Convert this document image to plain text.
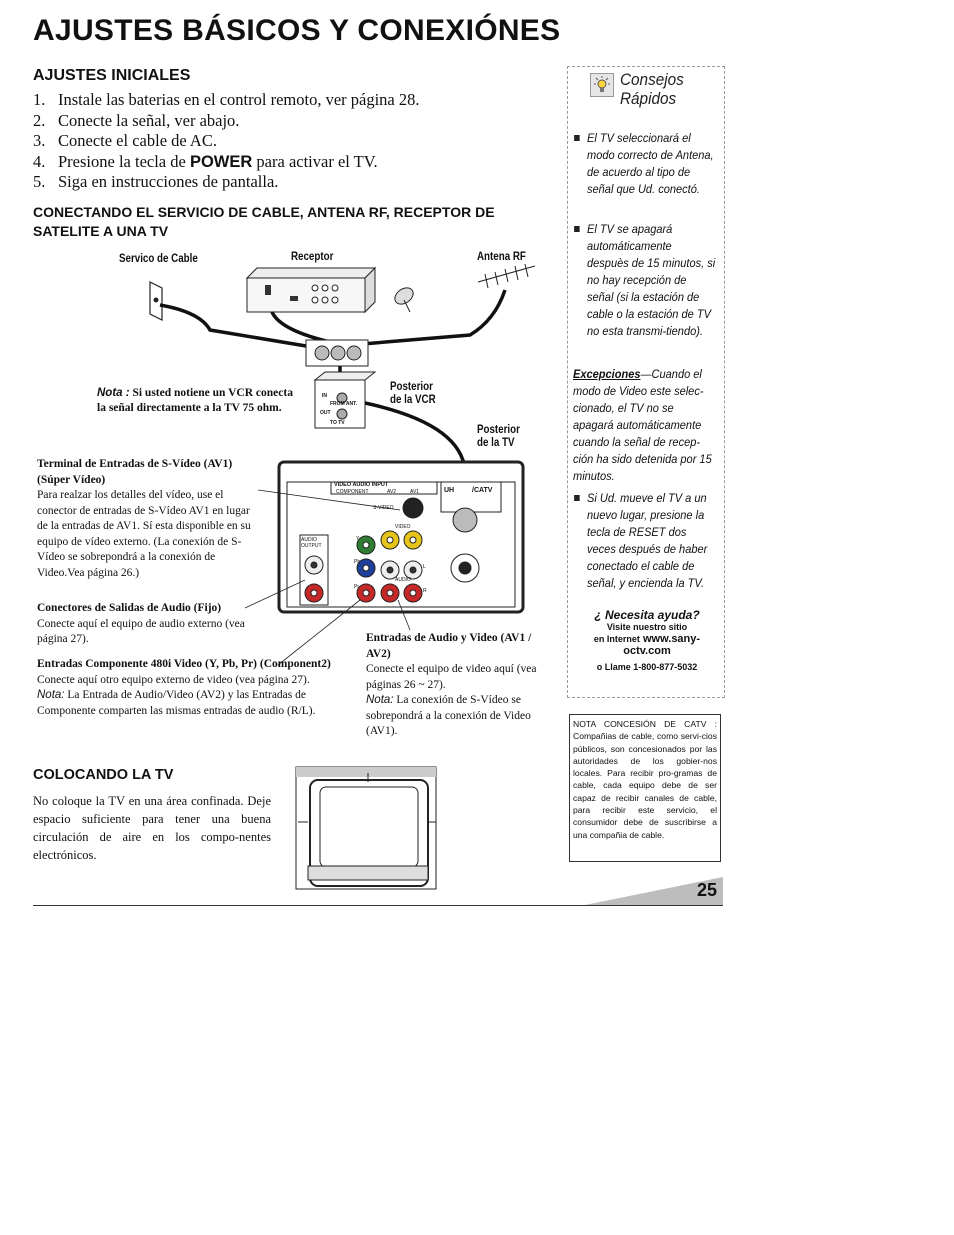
AJUSTES BÁSICOS Y CONEXIÓNES
AJUSTES INICIALES
1. Instale las baterias en el control remoto, ver página 28.
2. Conecte la señal, ver abajo.
3. Conecte el cable de AC.
4. Presione la tecla de POWER para activar el TV.
5. Siga en instrucciones de pantalla.
CONECTANDO EL SERVICIO DE CABLE, ANTENA RF, RECEPTOR DE SATELITE A UNA TV
Servico de Cable	Receptor	Antena RF
Posterior
de la VCR
Posterior
de la TV
VIDEO AUDIO INPUT
COMPONENT	AV2	AV1
S-VIDEO
VIDEO
AUDIO
AUDIO OUTPUT
UH	/CATV
Y
Pb
Pr
L
R
IN
OUT
FROM ANT.
TO TV
Nota : Si usted notiene un VCR conecta la señal directamente a la TV 75 ohm.
Terminal de Entradas de S-Vídeo (AV1) (Súper Vídeo)
Para realzar los detalles del vídeo, use el conector de entradas de S-Vídeo AV1 en lugar de la entradas de AV1. Sí esta disponible en su equipo de vídeo externo. (La conexión de S-Vídeo se sobrepondrá a la conexión de Video.Vea página 26.)
Conectores de Salidas de Audio (Fijo)
Conecte aquí el equipo de audio externo (vea página 27).
Entradas Componente 480i Video (Y, Pb, Pr) (Component2)
Conecte aquí otro equipo externo de video (vea página 27).
Nota: La Entrada de Audio/Video (AV2) y las Entradas de Componente comparten las mismas entradas de audio (R/L).
Entradas de Audio y Video (AV1 / AV2)
Conecte el equipo de video aquí (vea páginas 26 ~ 27).
Nota: La conexión de S-Vídeo se sobrepondrá a la conexión de Video (AV1).
COLOCANDO LA TV
No coloque la TV en una área confinada. Deje espacio suficiente para tener una buena circulación de aire en los compo-nentes electrónicos.
Consejos
Rápidos
El TV seleccionará el modo correcto de Antena, de acuerdo al tipo de señal que Ud. conectó.
El TV se apagará automáticamente despuès de 15 minutos, si no hay recepción de señal (si la estación de cable o la estación de TV no esta transmi-tiendo).
Excepciones—Cuando el modo de Video este selec-cionado, el TV no se apagará automáticamente cuando la señal de recep-ción ha sido detenida por 15 minutos.
Si Ud. mueve el TV a un nuevo lugar, presione la tecla de RESET dos veces después de haber conectado el cable de señal, y encienda la TV.
¿ Necesita ayuda?
Visite nuestro sitio
en Internet www.sany-
octv.com
o Llame 1-800-877-5032
NOTA CONCESIÓN DE CATV : Compañias de cable, como servi-cios públicos, son concesionados por las autoridades de los gobier-nos locales. Para recibir pro-gramas de cable, cada equipo debe de ser capaz de recibir canales de cable, para recibir este servicio, el consumidor debe de suscribirse a una compañia de cable.
25
